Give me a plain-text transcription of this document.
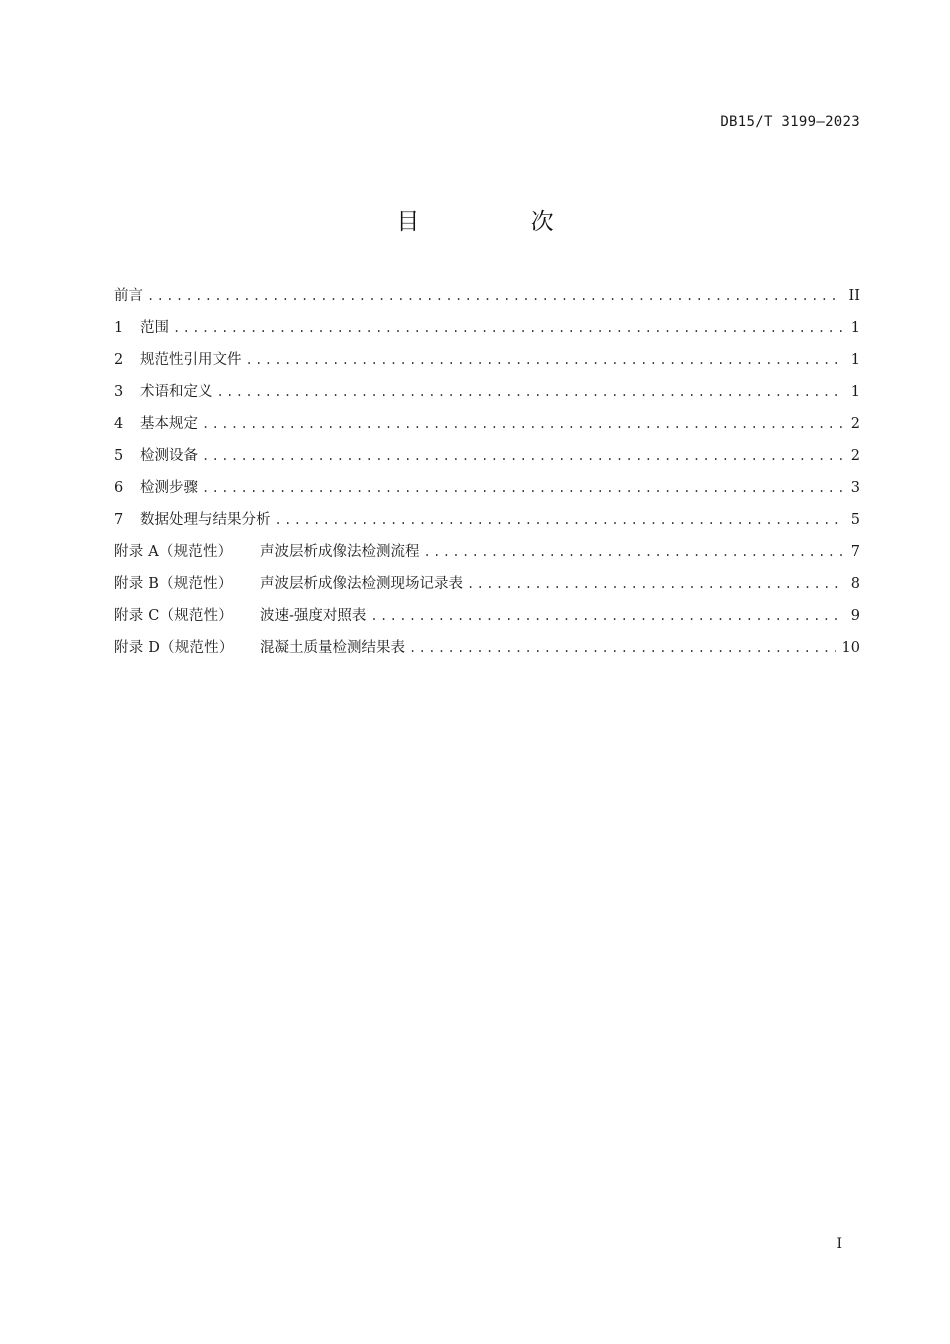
DB15/T 3199—2023
目 次
前言 .....	II
1	范围 .....	1
2	规范性引用文件 .....	1
3	术语和定义 .....	1
4	基本规定 .....	2
5	检测设备 .....	2
6	检测步骤 .....	3
7	数据处理与结果分析 .....	5
附录 A（规范性）	声波层析成像法检测流程 .....	7
附录 B（规范性）	声波层析成像法检测现场记录表 .....	8
附录 C（规范性）	波速-强度对照表 .....	9
附录 D（规范性）	混凝土质量检测结果表 .....	10
I
